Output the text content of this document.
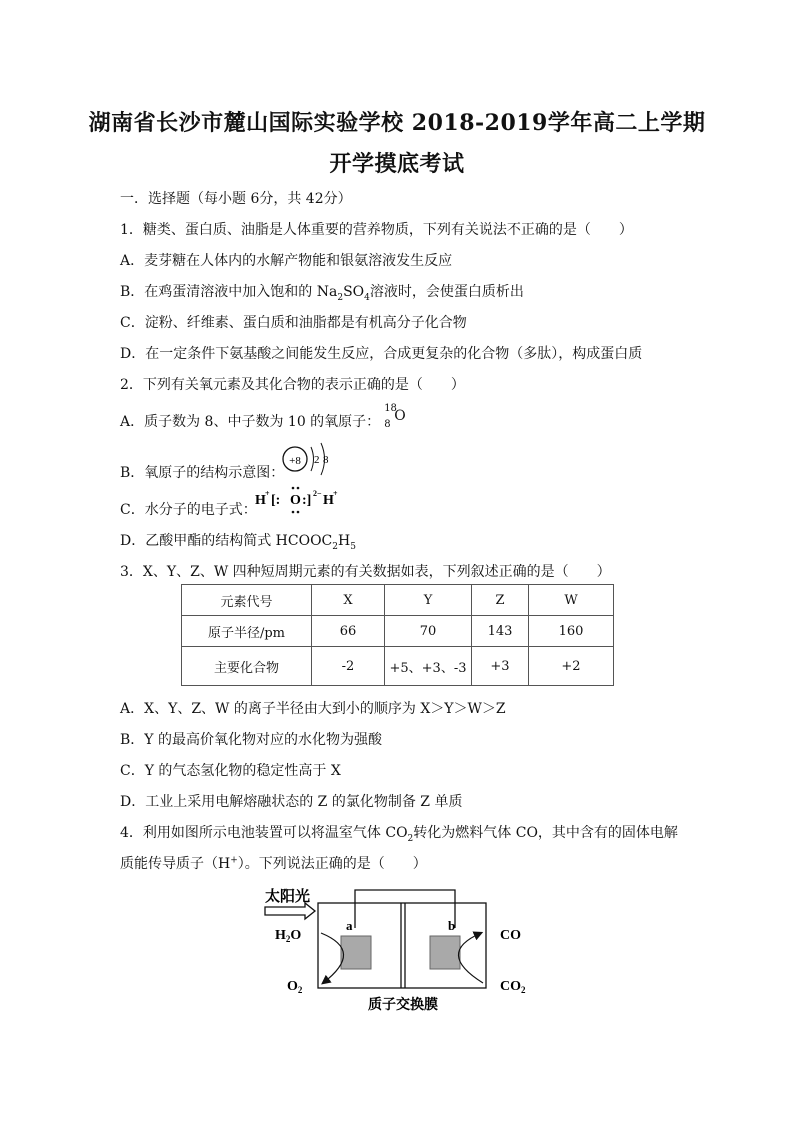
湖南省长沙市麓山国际实验学校 2018-2019学年高二上学期
开学摸底考试
一．选择题（每小题 6分，共 42分）
1．糖类、蛋白质、油脂是人体重要的营养物质，下列有关说法不正确的是（　　）
A．麦芽糖在人体内的水解产物能和银氨溶液发生反应
B．在鸡蛋清溶液中加入饱和的 $Na_2SO_4$溶液时，会使蛋白质析出
C．淀粉、纤维素、蛋白质和油脂都是有机高分子化合物
D．在一定条件下氨基酸之间能发生反应，合成更复杂的化合物（多肽），构成蛋白质
2．下列有关氧元素及其化合物的表示正确的是（　　）
A．质子数为 8、中子数为 10 的氧原子：
18
8
O
B．氧原子的结构示意图：
+8 2 8
C．水分子的电子式：
H + [: O :] 2− H +
D．乙酸甲酯的结构简式 $HCOOC_2H_5$
3．X、Y、Z、W 四种短周期元素的有关数据如表，下列叙述正确的是（　　）
元素代号	X	Y	Z	W
原子半径/pm	66	70	143	160
主要化合物	-2	+5、+3、-3	+3	+2
A．X、Y、Z、W 的离子半径由大到小的顺序为 X＞Y＞W＞Z
B．Y 的最高价氧化物对应的水化物为强酸
C．Y 的气态氢化物的稳定性高于 X
D．工业上采用电解熔融状态的 Z 的氯化物制备 Z 单质
4．利用如图所示电池装置可以将温室气体 $CO_2$转化为燃料气体 CO，其中含有的固体电解
质能传导质子（H+）。下列说法正确的是（　　）
太阳光
a	b
$H_2O$
$O_2$
CO
$CO_2$
质子交换膜
